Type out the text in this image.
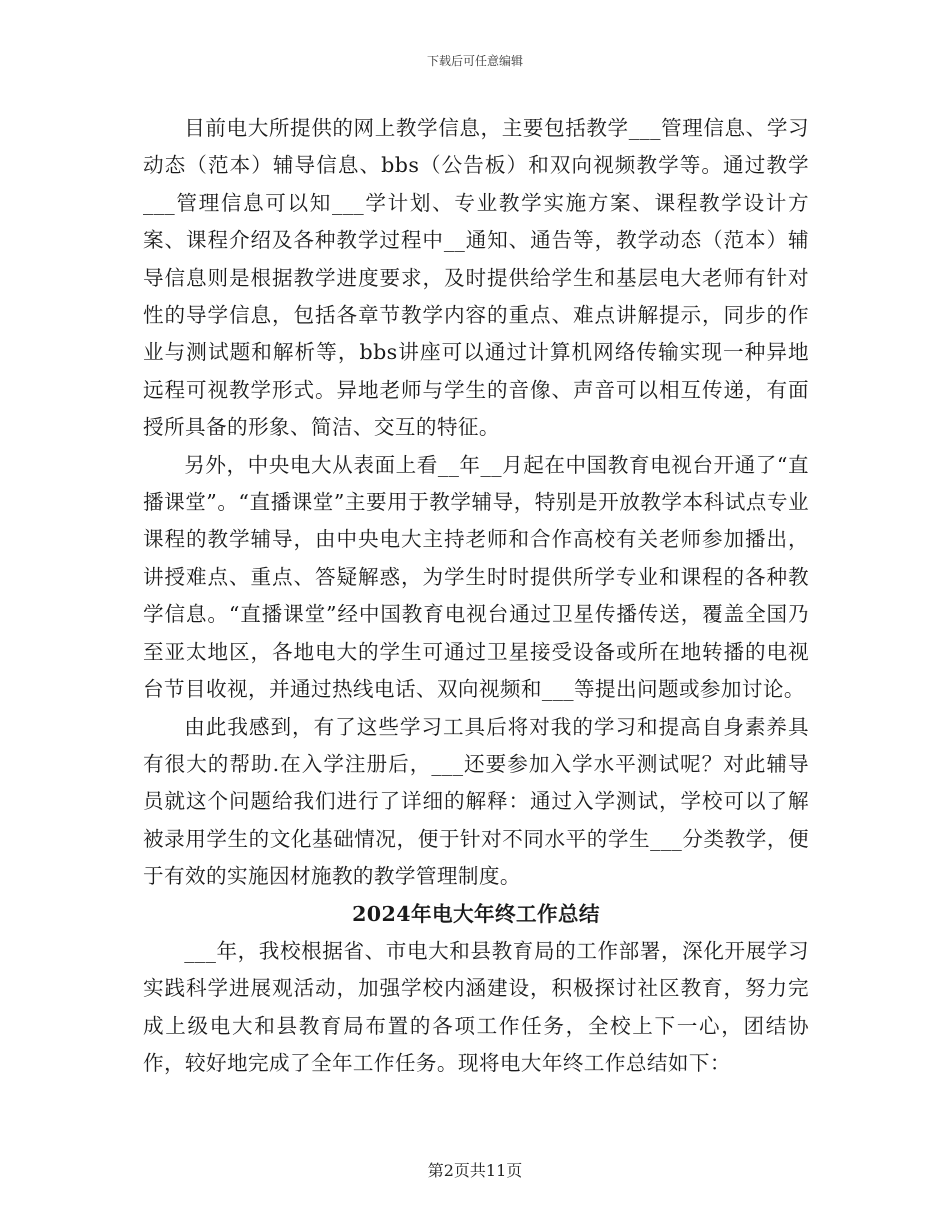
下载后可任意编辑

目前电大所提供的网上教学信息，主要包括教学___管理信息、学习动态（范本）辅导信息、bbs（公告板）和双向视频教学等。通过教学___管理信息可以知___学计划、专业教学实施方案、课程教学设计方案、课程介绍及各种教学过程中__通知、通告等，教学动态（范本）辅导信息则是根据教学进度要求，及时提供给学生和基层电大老师有针对性的导学信息，包括各章节教学内容的重点、难点讲解提示，同步的作业与测试题和解析等，bbs讲座可以通过计算机网络传输实现一种异地远程可视教学形式。异地老师与学生的音像、声音可以相互传递，有面授所具备的形象、简洁、交互的特征。

另外，中央电大从表面上看__年__月起在中国教育电视台开通了“直播课堂”。“直播课堂”主要用于教学辅导，特别是开放教学本科试点专业课程的教学辅导，由中央电大主持老师和合作高校有关老师参加播出，讲授难点、重点、答疑解惑，为学生时时提供所学专业和课程的各种教学信息。“直播课堂”经中国教育电视台通过卫星传播传送，覆盖全国乃至亚太地区，各地电大的学生可通过卫星接受设备或所在地转播的电视台节目收视，并通过热线电话、双向视频和___等提出问题或参加讨论。

由此我感到，有了这些学习工具后将对我的学习和提高自身素养具有很大的帮助.在入学注册后，___还要参加入学水平测试呢？对此辅导员就这个问题给我们进行了详细的解释：通过入学测试，学校可以了解被录用学生的文化基础情况，便于针对不同水平的学生___分类教学，便于有效的实施因材施教的教学管理制度。

2024年电大年终工作总结

___年，我校根据省、市电大和县教育局的工作部署，深化开展学习实践科学进展观活动，加强学校内涵建设，积极探讨社区教育，努力完成上级电大和县教育局布置的各项工作任务，全校上下一心，团结协作，较好地完成了全年工作任务。现将电大年终工作总结如下：

第2页共11页
